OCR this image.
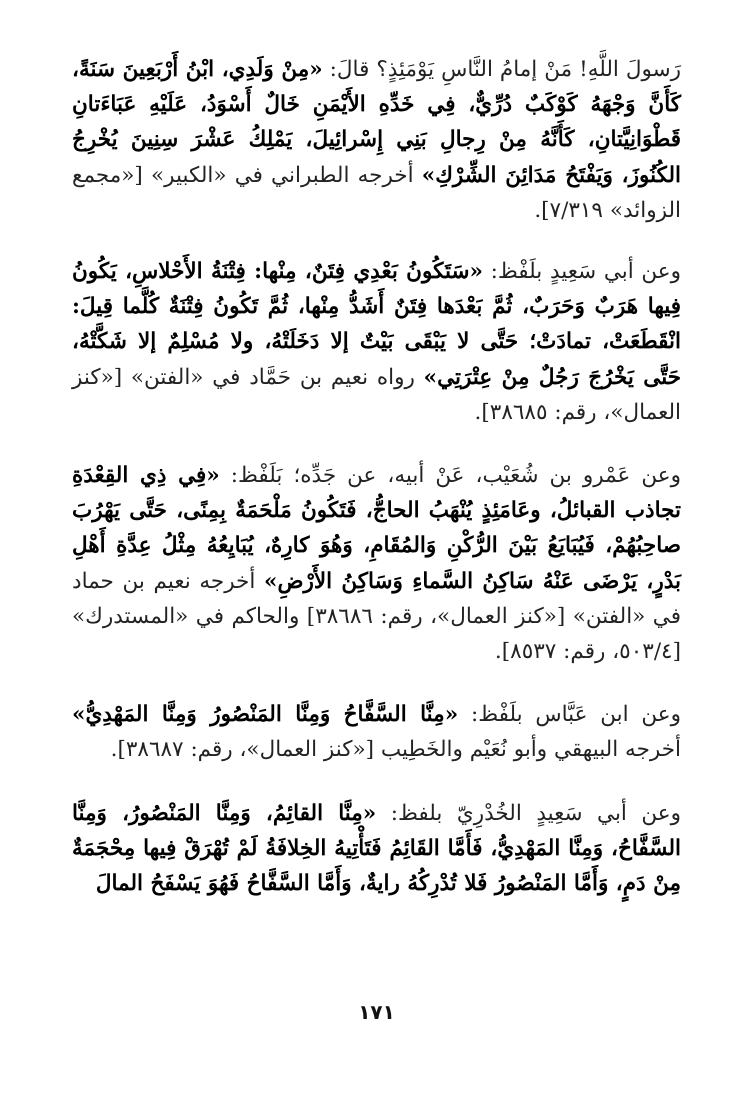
رَسولَ اللَّهِ! مَنْ إمامُ النَّاسِ يَوْمَئِذٍ؟ قالَ: «مِنْ وَلَدِي، ابْنُ أَرْبَعِينَ سَنَةً، كَأَنَّ وَجْهَهُ كَوْكَبٌ دُرِّيٌّ، فِي خَدِّهِ الأَيْمَنِ خَالٌ أَسْوَدُ، عَلَيْهِ عَبَاءَتانِ قَطْوَانِيَّتانِ، كَأَنَّهُ مِنْ رِجالِ بَنِي إِسْرائِيلَ، يَمْلِكُ عَشْرَ سِنِينَ يُخْرِجُ الكُنُوزَ، وَيَفْتَحُ مَدَائِنَ الشِّرْكِ» أخرجه الطبراني في «الكبير» [«مجمع الزوائد» ٧/٣١٩].

وعن أبي سَعِيدٍ بلَفْظ: «سَتَكُونُ بَعْدِي فِتَنٌ، مِنْها: فِتْنَةُ الأَحْلاسِ، يَكُونُ فِيها هَرَبٌ وَحَرَبٌ، ثُمَّ بَعْدَها فِتَنٌ أَشَدُّ مِنْها، ثُمَّ تَكُونُ فِتْنَةٌ كُلَّما قِيلَ: انْقَطَعَتْ، تمادَتْ؛ حَتَّى لا يَبْقَى بَيْتٌ إلا دَخَلَتْهُ، ولا مُسْلِمٌ إلا شَكَّتْهُ، حَتَّى يَخْرُجَ رَجُلٌ مِنْ عِتْرَتِي» رواه نعيم بن حَمَّاد في «الفتن» [«كنز العمال»، رقم: ٣٨٦٨٥].

وعن عَمْرو بن شُعَيْب، عَنْ أبيه، عن جَدِّه؛ بَلَفْظ: «فِي ذِي القِعْدَةِ تجاذب القبائلُ، وعَامَئِذٍ يُنْهَبُ الحاجُّ، فَتَكُونُ مَلْحَمَةٌ بِمِنًى، حَتَّى يَهْرُبَ صاحِبُهُمْ، فَيُبَايَعُ بَيْنَ الرُّكْنِ وَالمُقَامِ، وَهُوَ كارِهٌ، يُبَايِعُهُ مِثْلُ عِدَّةِ أَهْلِ بَدْرٍ، يَرْضَى عَنْهُ سَاكِنُ السَّماءِ وَسَاكِنُ الأَرْضِ» أخرجه نعيم بن حماد في «الفتن» [«كنز العمال»، رقم: ٣٨٦٨٦] والحاكم في «المستدرك» [٥٠٣/٤، رقم: ٨٥٣٧].

وعن ابن عَبَّاس بلَفْظ: «مِنَّا السَّفَّاحُ وَمِنَّا المَنْصُورُ وَمِنَّا المَهْدِيُّ» أخرجه البيهقي وأبو نُعَيْم والخَطِيب [«كنز العمال»، رقم: ٣٨٦٨٧].

وعن أبي سَعِيدٍ الخُدْرِيّ بلفظ: «مِنَّا القائِمُ، وَمِنَّا المَنْصُورُ، وَمِنَّا السَّفَّاحُ، وَمِنَّا المَهْدِيُّ، فَأَمَّا القَائِمُ فَتَأْتِيهُ الخِلافَةُ لَمْ تُهْرَقْ فِيها مِحْجَمَةٌ مِنْ دَمٍ، وَأَمَّا المَنْصُورُ فَلا تُدْرِكُهُ رايةٌ، وَأَمَّا السَّفَّاحُ فَهُوَ يَسْفَحُ المالَ

١٧١
